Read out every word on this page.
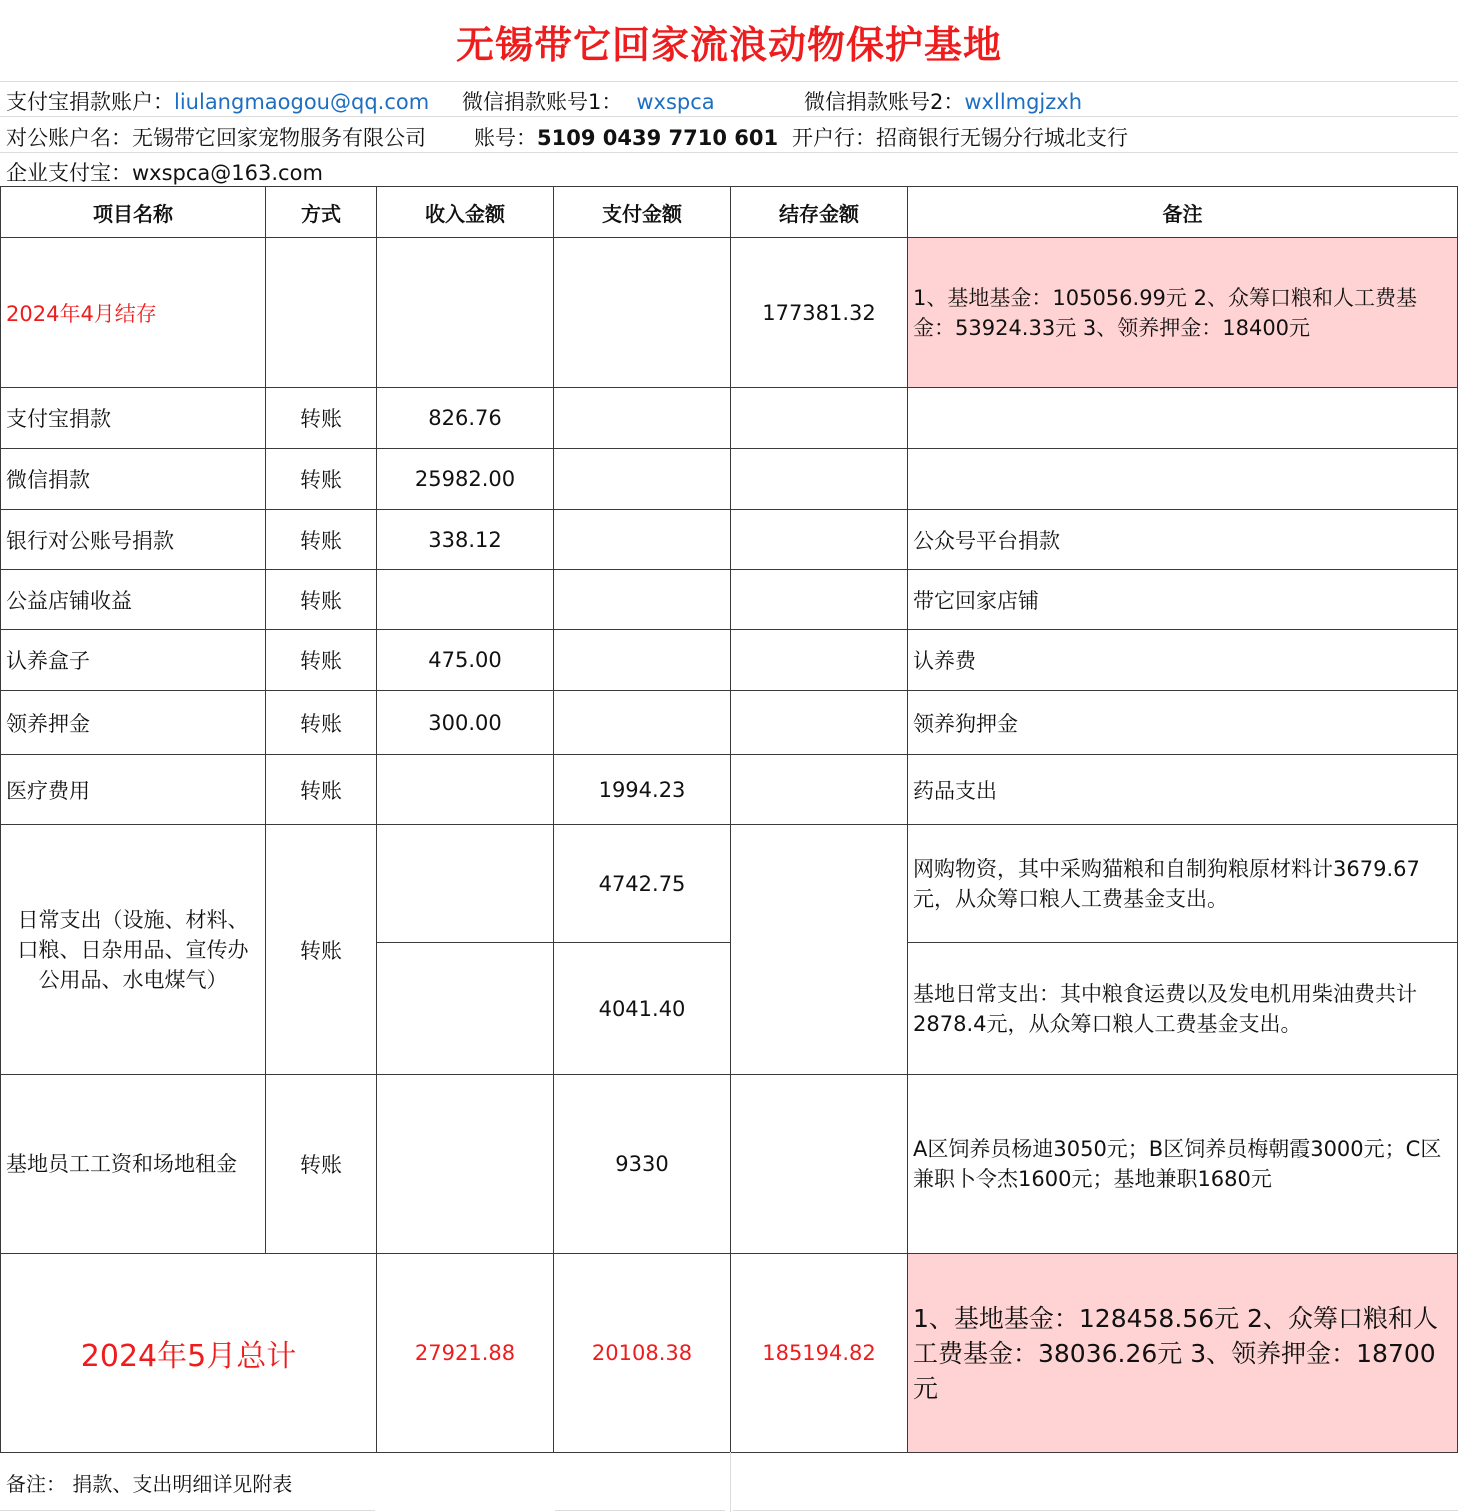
无锡带它回家流浪动物保护基地
支付宝捐款账户：liulangmaogou@qq.com 微信捐款账号1： wxspca	微信捐款账号2：wxllmgjzxh
对公账户名：无锡带它回家宠物服务有限公司 账号：5109 0439 7710 601 开户行：招商银行无锡分行城北支行
企业支付宝：wxspca@163.com
项目名称	方式	收入金额	支付金额	结存金额	备注
2024年4月结存				177381.32	1、基地基金：105056.99元 2、众筹口粮和人工费基金：53924.33元 3、领养押金：18400元
支付宝捐款	转账	826.76			
微信捐款	转账	25982.00			
银行对公账号捐款	转账	338.12			公众号平台捐款
公益店铺收益	转账				带它回家店铺
认养盒子	转账	475.00			认养费
领养押金	转账	300.00			领养狗押金
医疗费用	转账		1994.23		药品支出
日常支出（设施、材料、口粮、日杂用品、宣传办公用品、水电煤气）	转账		4742.75		网购物资，其中采购猫粮和自制狗粮原材料计3679.67元，从众筹口粮人工费基金支出。
			4041.40		基地日常支出：其中粮食运费以及发电机用柴油费共计2878.4元，从众筹口粮人工费基金支出。
基地员工工资和场地租金	转账		9330		A区饲养员杨迪3050元；B区饲养员梅朝霞3000元；C区兼职卜令杰1600元；基地兼职1680元
2024年5月总计		27921.88	20108.38	185194.82	1、基地基金：128458.56元 2、众筹口粮和人工费基金：38036.26元 3、领养押金：18700元
备注： 捐款、支出明细详见附表
